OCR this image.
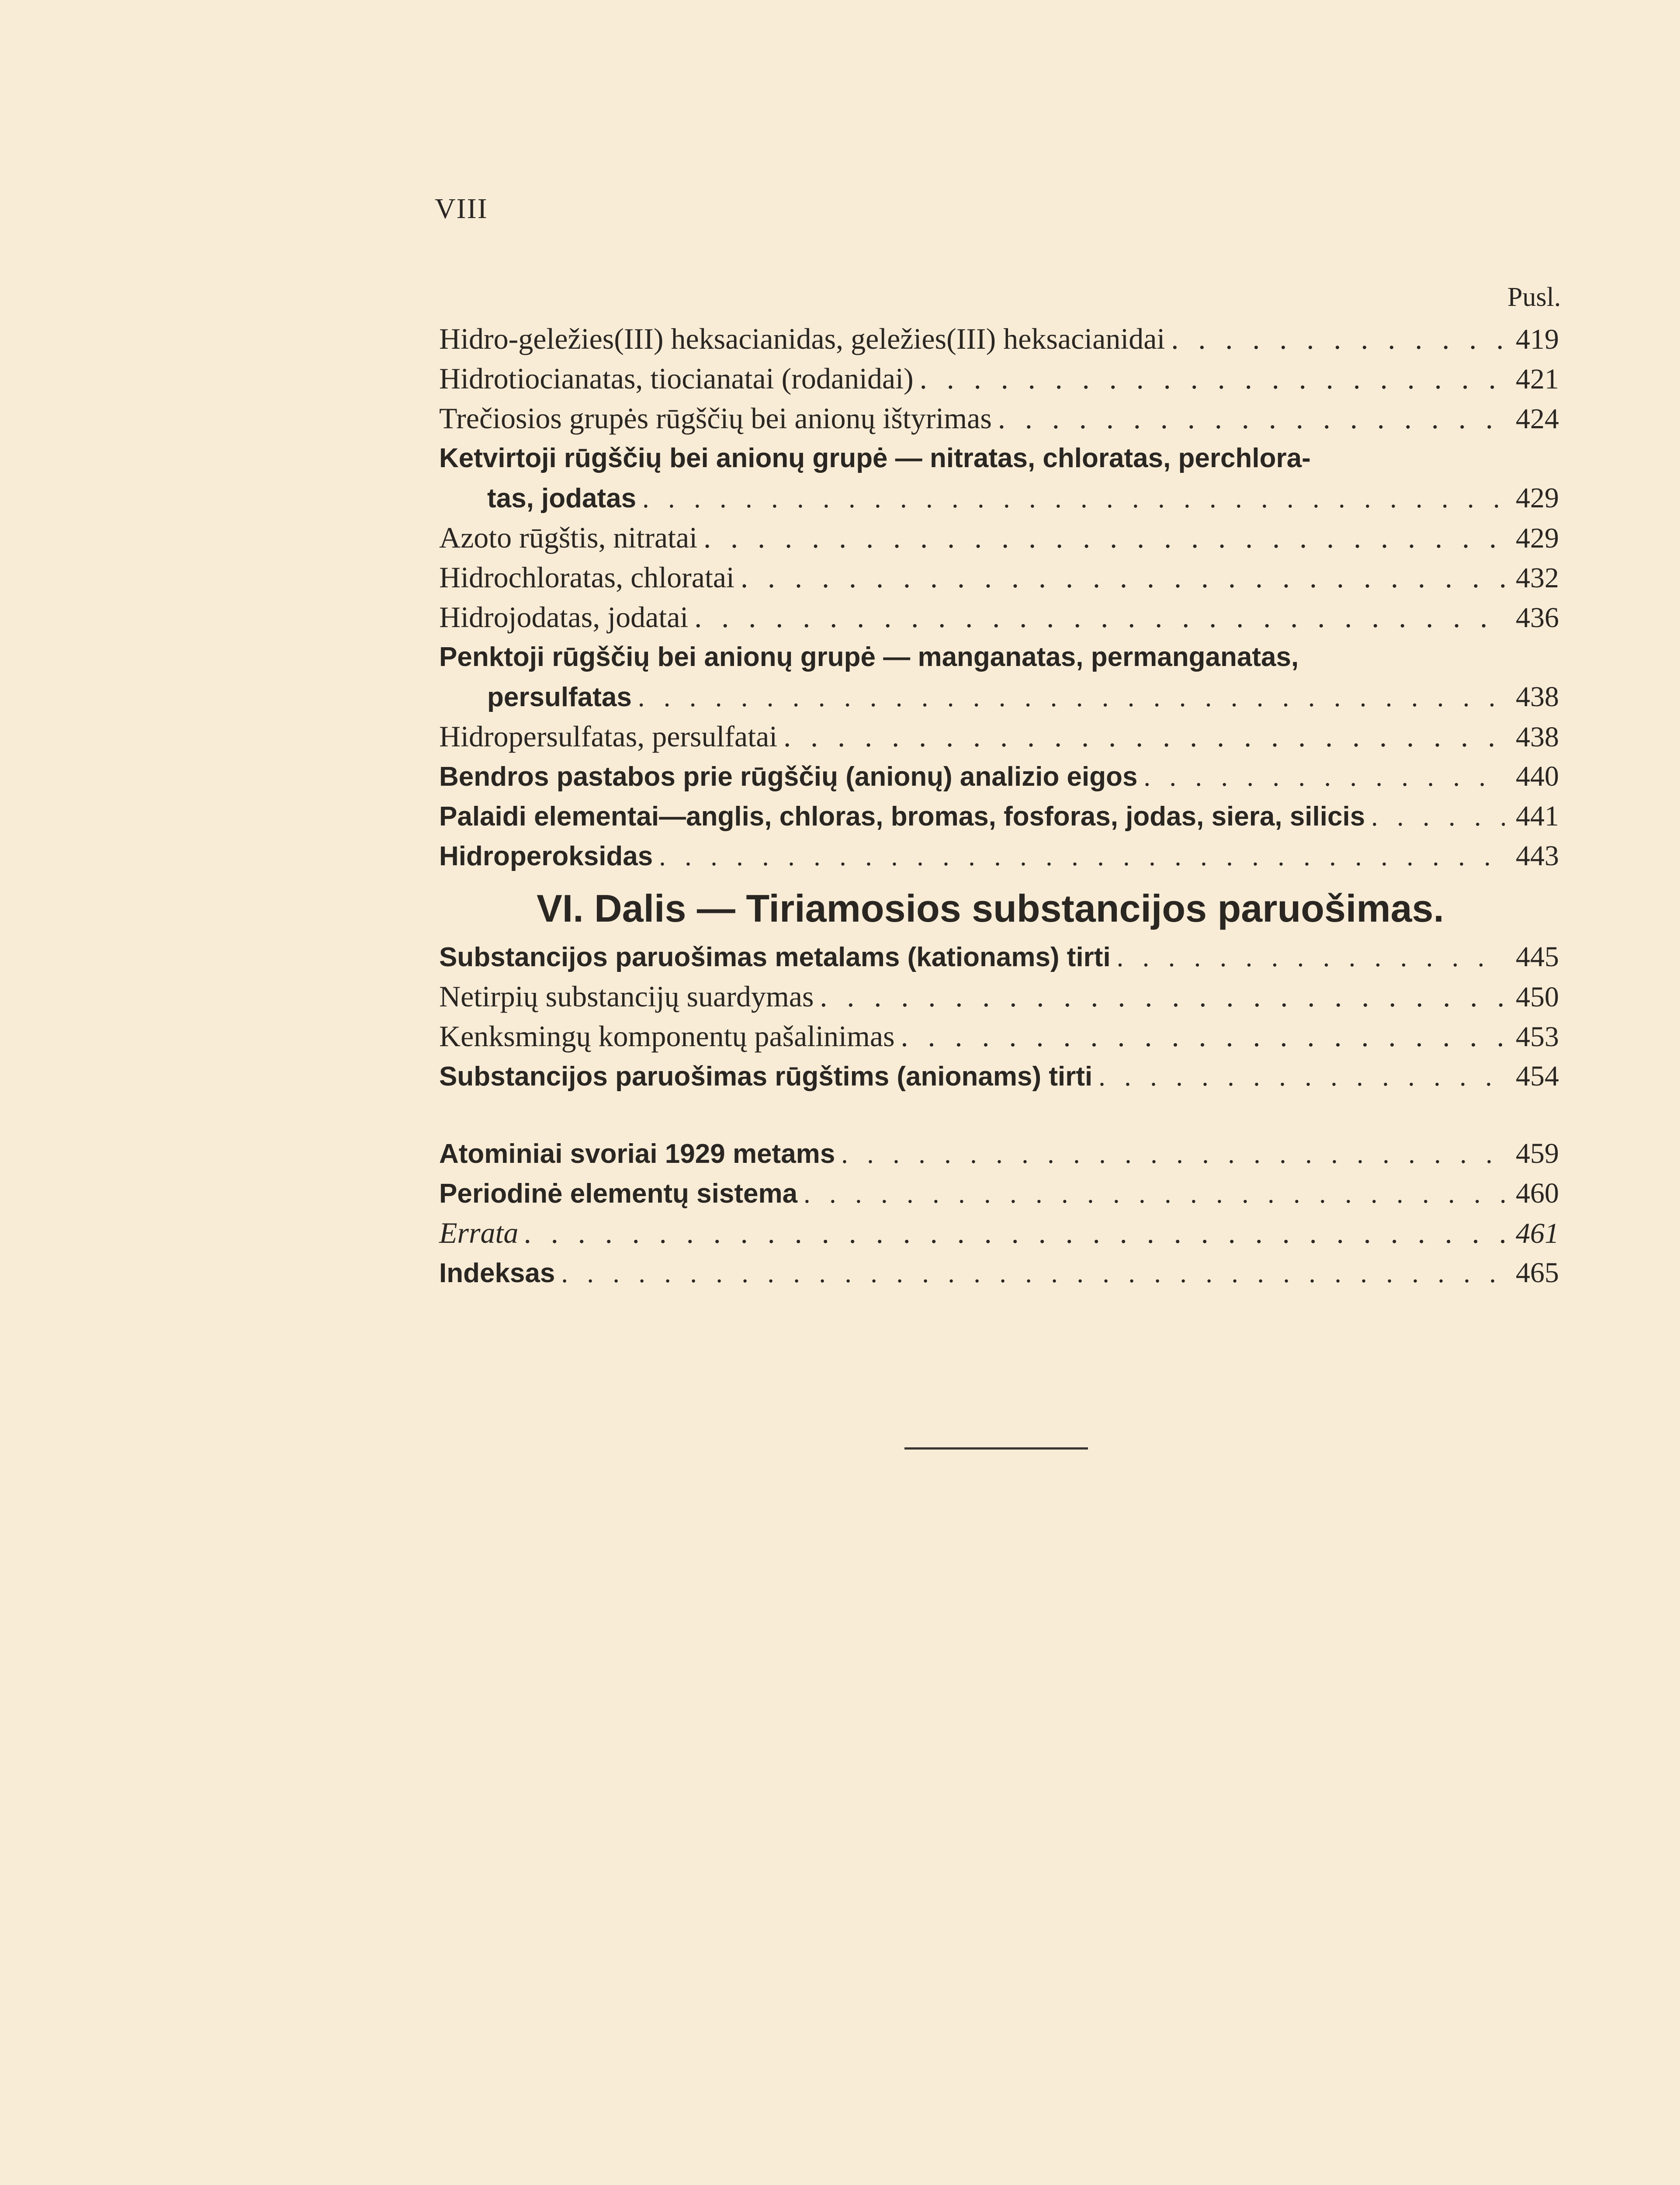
VIII
Pusl.
Hidro-geležies(III) heksacianidas, geležies(III) heksacianidai . . .	419
Hidrotiocianatas, tiocianatai (rodanidai) . . .	421
Trečiosios grupės rūgščių bei anionų ištyrimas . . .	424
Ketvirtoji rūgščių bei anionų grupė — nitratas, chloratas, perchlora-
tas, jodatas . . .	429
Azoto rūgštis, nitratai . . .	429
Hidrochloratas, chloratai . . .	432
Hidrojodatas, jodatai . . .	436
Penktoji rūgščių bei anionų grupė — manganatas, permanganatas,
persulfatas . . .	438
Hidropersulfatas, persulfatai . . .	438
Bendros pastabos prie rūgščių (anionų) analizio eigos . . .	440
Palaidi elementai—anglis, chloras, bromas, fosforas, jodas, siera, silicis . . .	441
Hidroperoksidas . . .	443
VI. Dalis — Tiriamosios substancijos paruošimas.
Substancijos paruošimas metalams (kationams) tirti . . .	445
Netirpių substancijų suardymas . . .	450
Kenksmingų komponentų pašalinimas . . .	453
Substancijos paruošimas rūgštims (anionams) tirti . . .	454
Atominiai svoriai 1929 metams . . .	459
Periodinė elementų sistema . . .	460
Errata . . .	461
Indeksas . . .	465
